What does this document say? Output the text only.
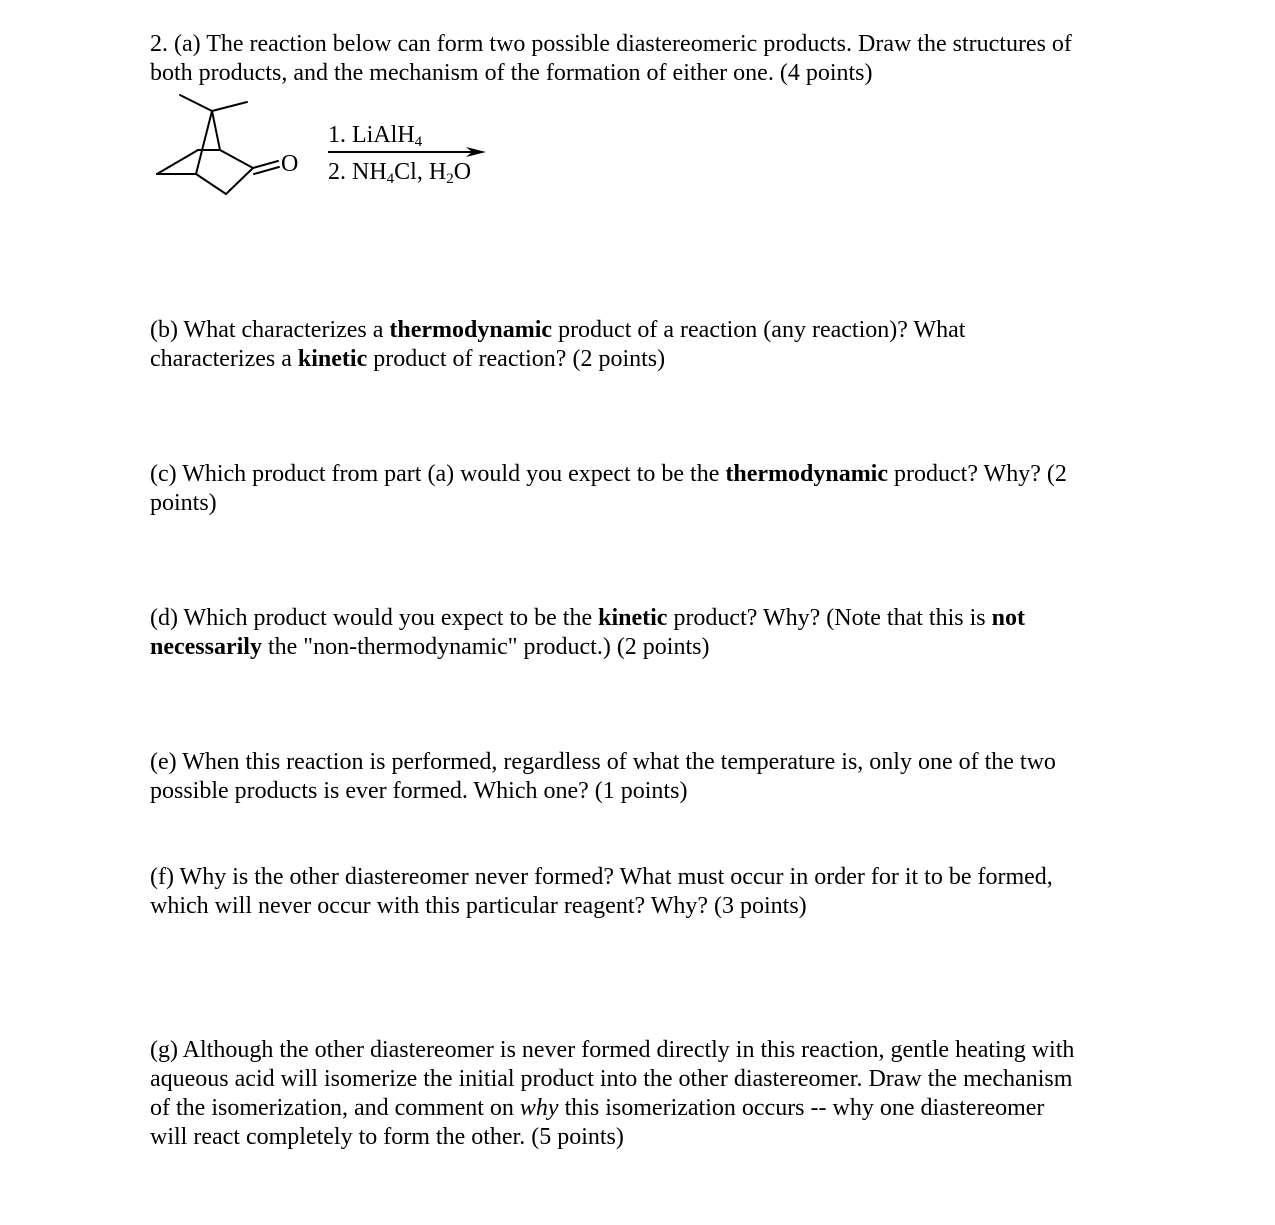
2. (a) The reaction below can form two possible diastereomeric products. Draw the structures of
both products, and the mechanism of the formation of either one. (4 points)

O
1. LiAlH$_4$
2. $NH_4Cl$, $H_2O$

(b) What characterizes a thermodynamic product of a reaction (any reaction)? What
characterizes a kinetic product of reaction? (2 points)

(c) Which product from part (a) would you expect to be the thermodynamic product? Why? (2
points)

(d) Which product would you expect to be the kinetic product? Why? (Note that this is not
necessarily the "non-thermodynamic" product.) (2 points)

(e) When this reaction is performed, regardless of what the temperature is, only one of the two
possible products is ever formed. Which one? (1 points)

(f) Why is the other diastereomer never formed? What must occur in order for it to be formed,
which will never occur with this particular reagent? Why? (3 points)

(g) Although the other diastereomer is never formed directly in this reaction, gentle heating with
aqueous acid will isomerize the initial product into the other diastereomer. Draw the mechanism
of the isomerization, and comment on why this isomerization occurs -- why one diastereomer
will react completely to form the other. (5 points)
